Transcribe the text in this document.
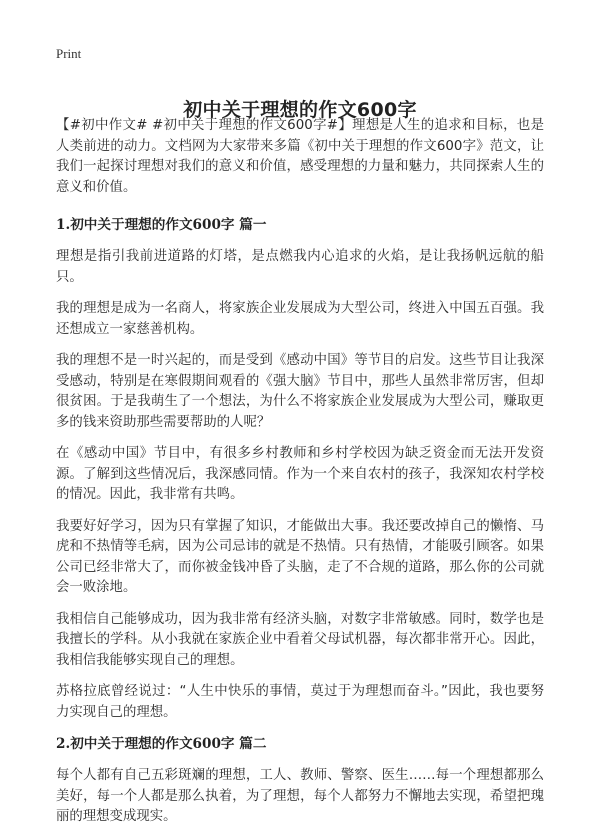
Print
初中关于理想的作文600字

【#初中作文# #初中关于理想的作文600字#】理想是人生的追求和目标，也是人类前进的动力。文档网为大家带来多篇《初中关于理想的作文600字》范文，让我们一起探讨理想对我们的意义和价值，感受理想的力量和魅力，共同探索人生的意义和价值。

1.初中关于理想的作文600字 篇一

理想是指引我前进道路的灯塔，是点燃我内心追求的火焰，是让我扬帆远航的船只。

我的理想是成为一名商人，将家族企业发展成为大型公司，终进入中国五百强。我还想成立一家慈善机构。

我的理想不是一时兴起的，而是受到《感动中国》等节目的启发。这些节目让我深受感动，特别是在寒假期间观看的《强大脑》节目中，那些人虽然非常厉害，但却很贫困。于是我萌生了一个想法，为什么不将家族企业发展成为大型公司，赚取更多的钱来资助那些需要帮助的人呢？

在《感动中国》节目中，有很多乡村教师和乡村学校因为缺乏资金而无法开发资源。了解到这些情况后，我深感同情。作为一个来自农村的孩子，我深知农村学校的情况。因此，我非常有共鸣。

我要好好学习，因为只有掌握了知识，才能做出大事。我还要改掉自己的懒惰、马虎和不热情等毛病，因为公司忌讳的就是不热情。只有热情，才能吸引顾客。如果公司已经非常大了，而你被金钱冲昏了头脑，走了不合规的道路，那么你的公司就会一败涂地。

我相信自己能够成功，因为我非常有经济头脑，对数字非常敏感。同时，数学也是我擅长的学科。从小我就在家族企业中看着父母试机器，每次都非常开心。因此，我相信我能够实现自己的理想。

苏格拉底曾经说过：“人生中快乐的事情，莫过于为理想而奋斗。”因此，我也要努力实现自己的理想。

2.初中关于理想的作文600字 篇二

每个人都有自己五彩斑斓的理想，工人、教师、警察、医生……每一个理想都那么美好，每一个人都是那么执着，为了理想，每个人都努力不懈地去实现，希望把瑰丽的理想变成现实。
